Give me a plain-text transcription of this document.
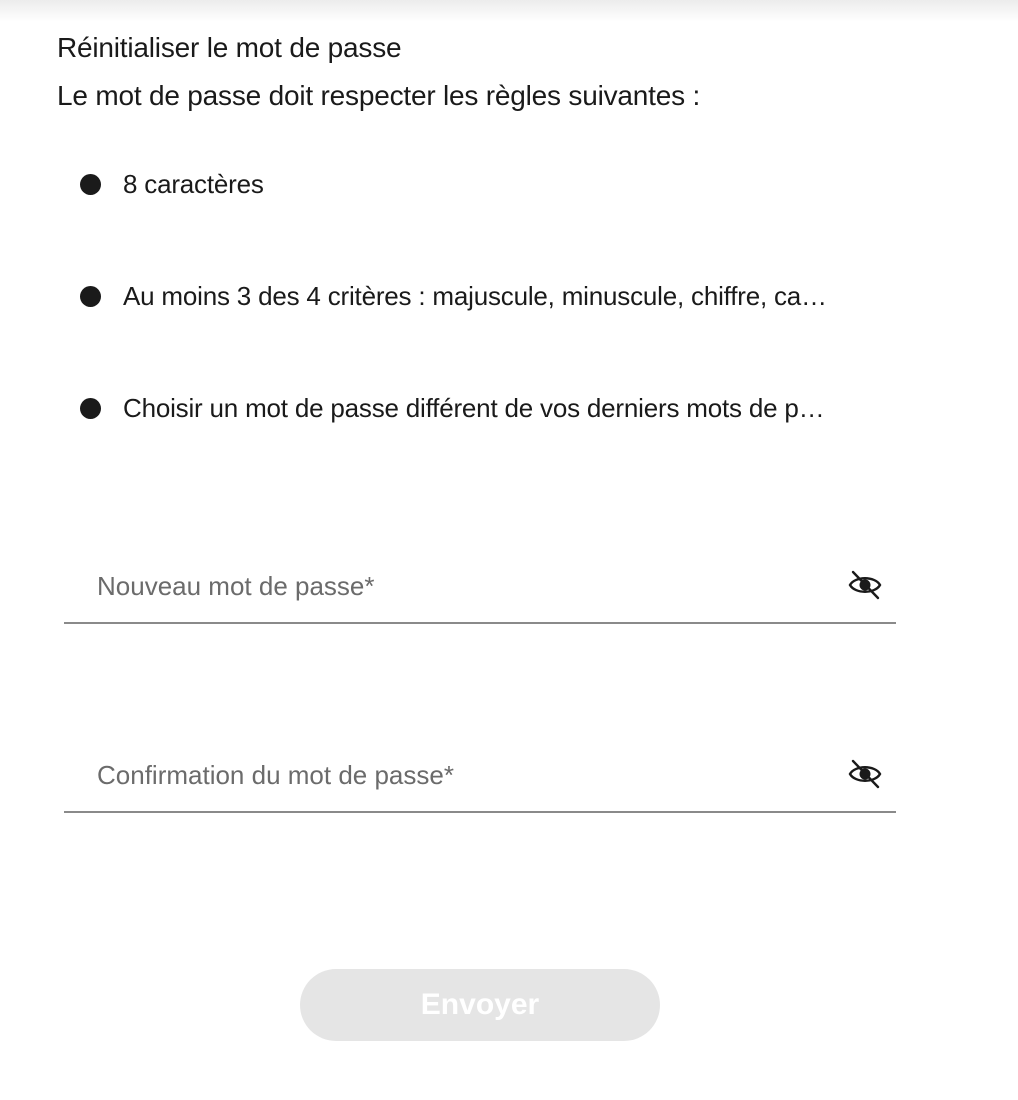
Réinitialiser le mot de passe
Le mot de passe doit respecter les règles suivantes :
8 caractères
Au moins 3 des 4 critères : majuscule, minuscule, chiffre, ca…
Choisir un mot de passe différent de vos derniers mots de p…
Envoyer
